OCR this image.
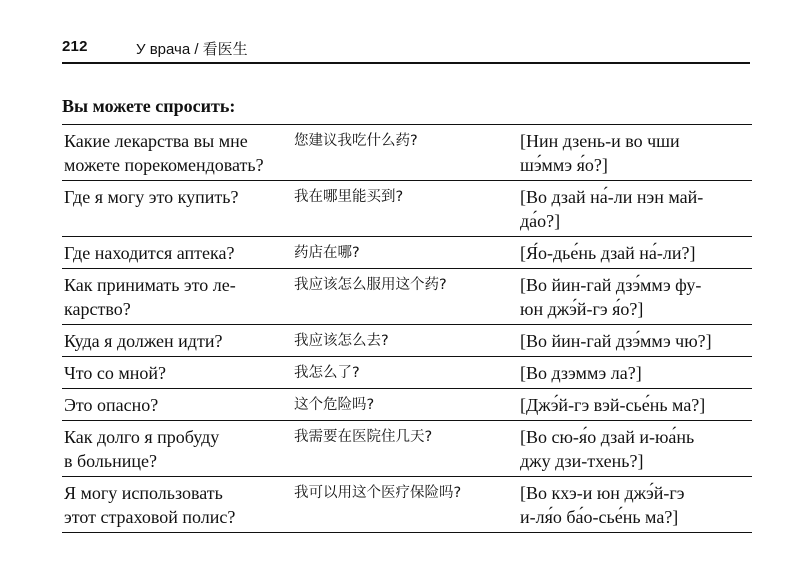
212	У врача / 看医生
Вы можете спросить:
Какие лекарства вы мне
можете порекомендовать?	您建议我吃什么药?	[Нин дзень-и во чши
шэ́ммэ я́о?]
Где я могу это купить?	我在哪里能买到?	[Во дзай на́-ли нэн май-
да́о?]
Где находится аптека?	药店在哪?	[Я́о-дье́нь дзай на́-ли?]
Как принимать это ле-
карство?	我应该怎么服用这个药?	[Во йин-гай дзэ́ммэ фу-
юн джэ́й-гэ я́о?]
Куда я должен идти?	我应该怎么去?	[Во йин-гай дзэ́ммэ чю?]
Что со мной?	我怎么了?	[Во дзэммэ ла?]
Это опасно?	这个危险吗?	[Джэ́й-гэ вэй-сье́нь ма?]
Как долго я пробуду
в больнице?	我需要在医院住几天?	[Во сю-я́о дзай и-юа́нь
джу дзи-тхень?]
Я могу использовать
этот страховой полис?	我可以用这个医疗保险吗?	[Во кхэ-и юн джэ́й-гэ
и-ля́о ба́о-сье́нь ма?]
